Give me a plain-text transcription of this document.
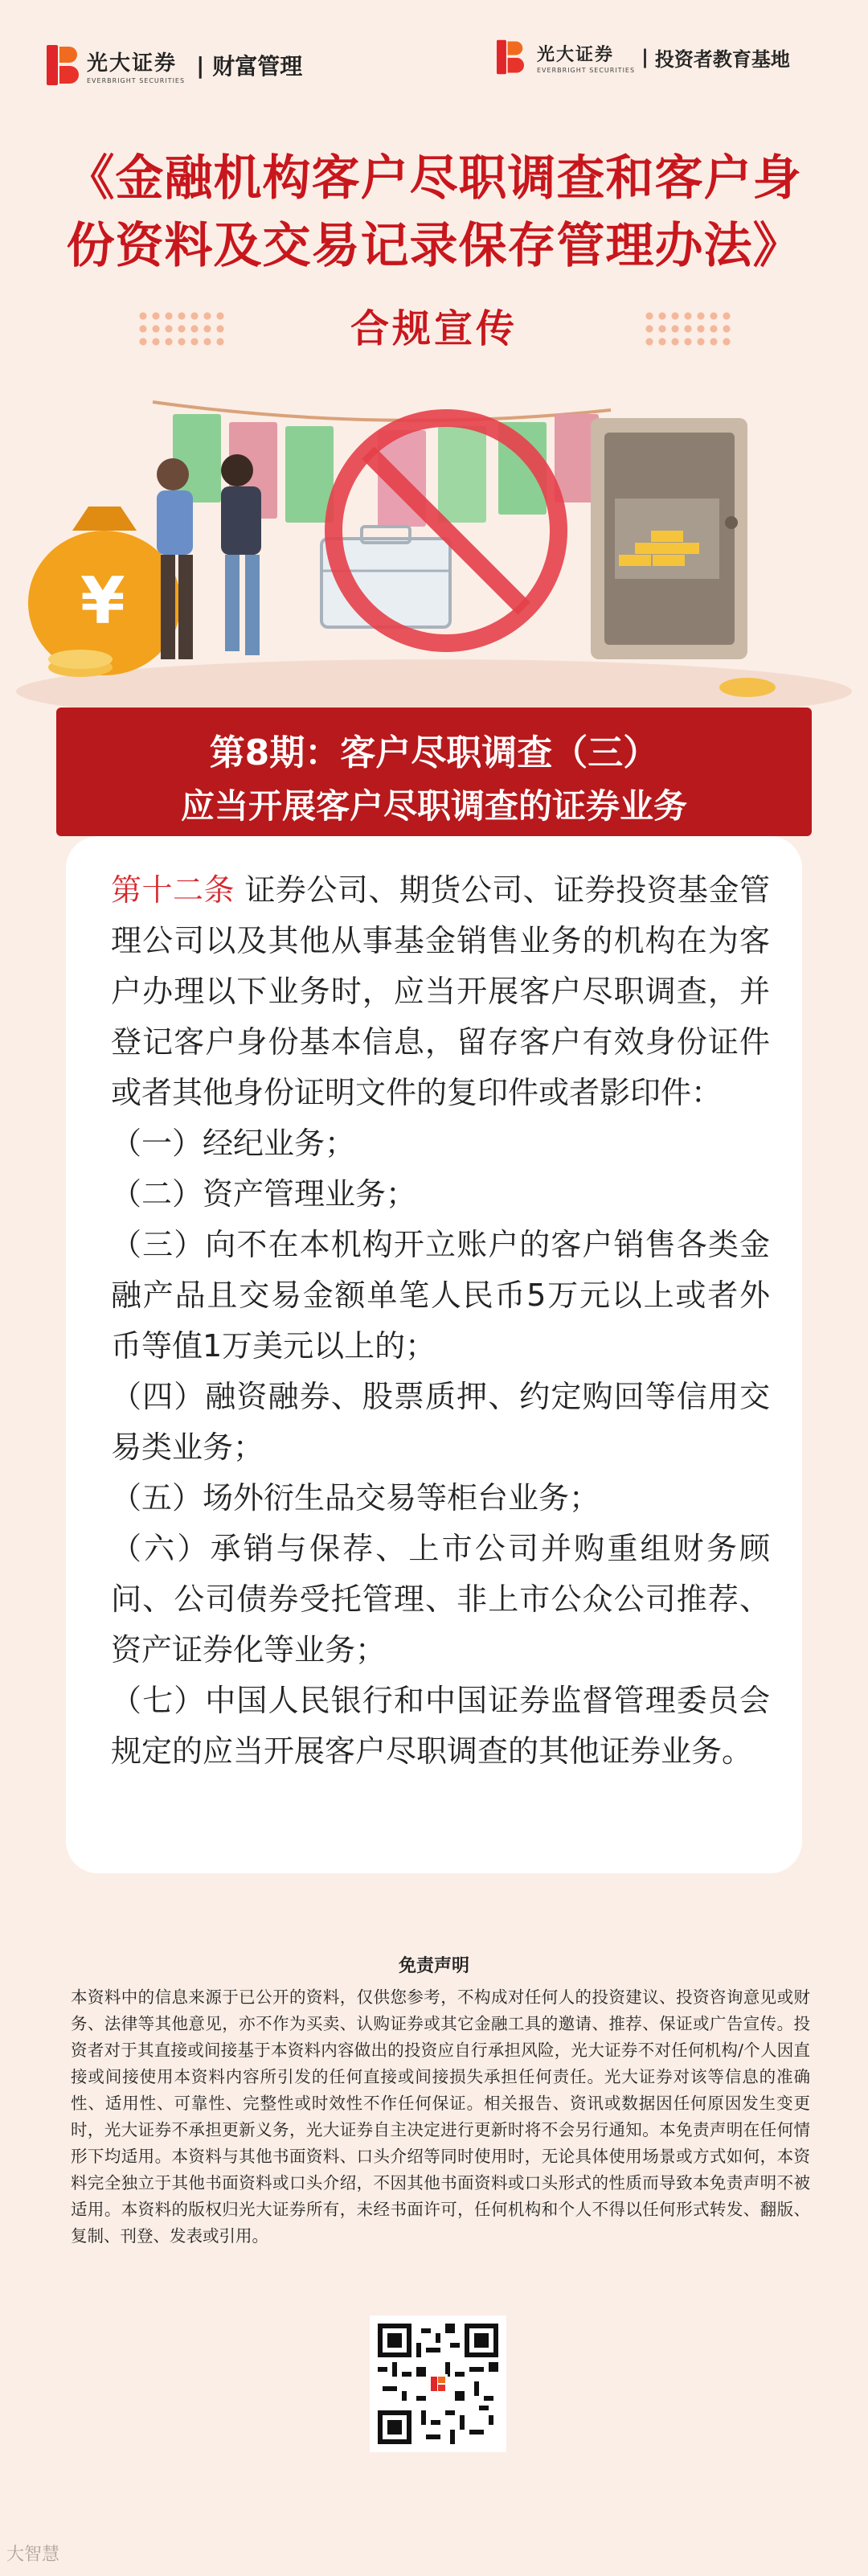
光大证券
EVERBRIGHT SECURITIES
| 财富管理	光大证券
EVERBRIGHT SECURITIES
| 投资者教育基地
《金融机构客户尽职调查和客户身
份资料及交易记录保存管理办法》
合规宣传
¥
第8期：客户尽职调查（三）
应当开展客户尽职调查的证券业务
第十二条 证券公司、期货公司、证券投资基金管理公司以及其他从事基金销售业务的机构在为客户办理以下业务时，应当开展客户尽职调查，并登记客户身份基本信息，留存客户有效身份证件或者其他身份证明文件的复印件或者影印件：
（一）经纪业务；
（二）资产管理业务；
（三）向不在本机构开立账户的客户销售各类金融产品且交易金额单笔人民币5万元以上或者外币等值1万美元以上的；
（四）融资融券、股票质押、约定购回等信用交易类业务；
（五）场外衍生品交易等柜台业务；
（六）承销与保荐、上市公司并购重组财务顾问、公司债券受托管理、非上市公众公司推荐、资产证券化等业务；
（七）中国人民银行和中国证券监督管理委员会规定的应当开展客户尽职调查的其他证券业务。
免责声明
本资料中的信息来源于已公开的资料，仅供您参考，不构成对任何人的投资建议、投资咨询意见或财务、法律等其他意见，亦不作为买卖、认购证券或其它金融工具的邀请、推荐、保证或广告宣传。投资者对于其直接或间接基于本资料内容做出的投资应自行承担风险，光大证券不对任何机构/个人因直接或间接使用本资料内容所引发的任何直接或间接损失承担任何责任。光大证券对该等信息的准确性、适用性、可靠性、完整性或时效性不作任何保证。相关报告、资讯或数据因任何原因发生变更时，光大证券不承担更新义务，光大证券自主决定进行更新时将不会另行通知。本免责声明在任何情形下均适用。本资料与其他书面资料、口头介绍等同时使用时，无论具体使用场景或方式如何，本资料完全独立于其他书面资料或口头介绍，不因其他书面资料或口头形式的性质而导致本免责声明不被适用。本资料的版权归光大证券所有，未经书面许可，任何机构和个人不得以任何形式转发、翻版、复制、刊登、发表或引用。
大智慧
